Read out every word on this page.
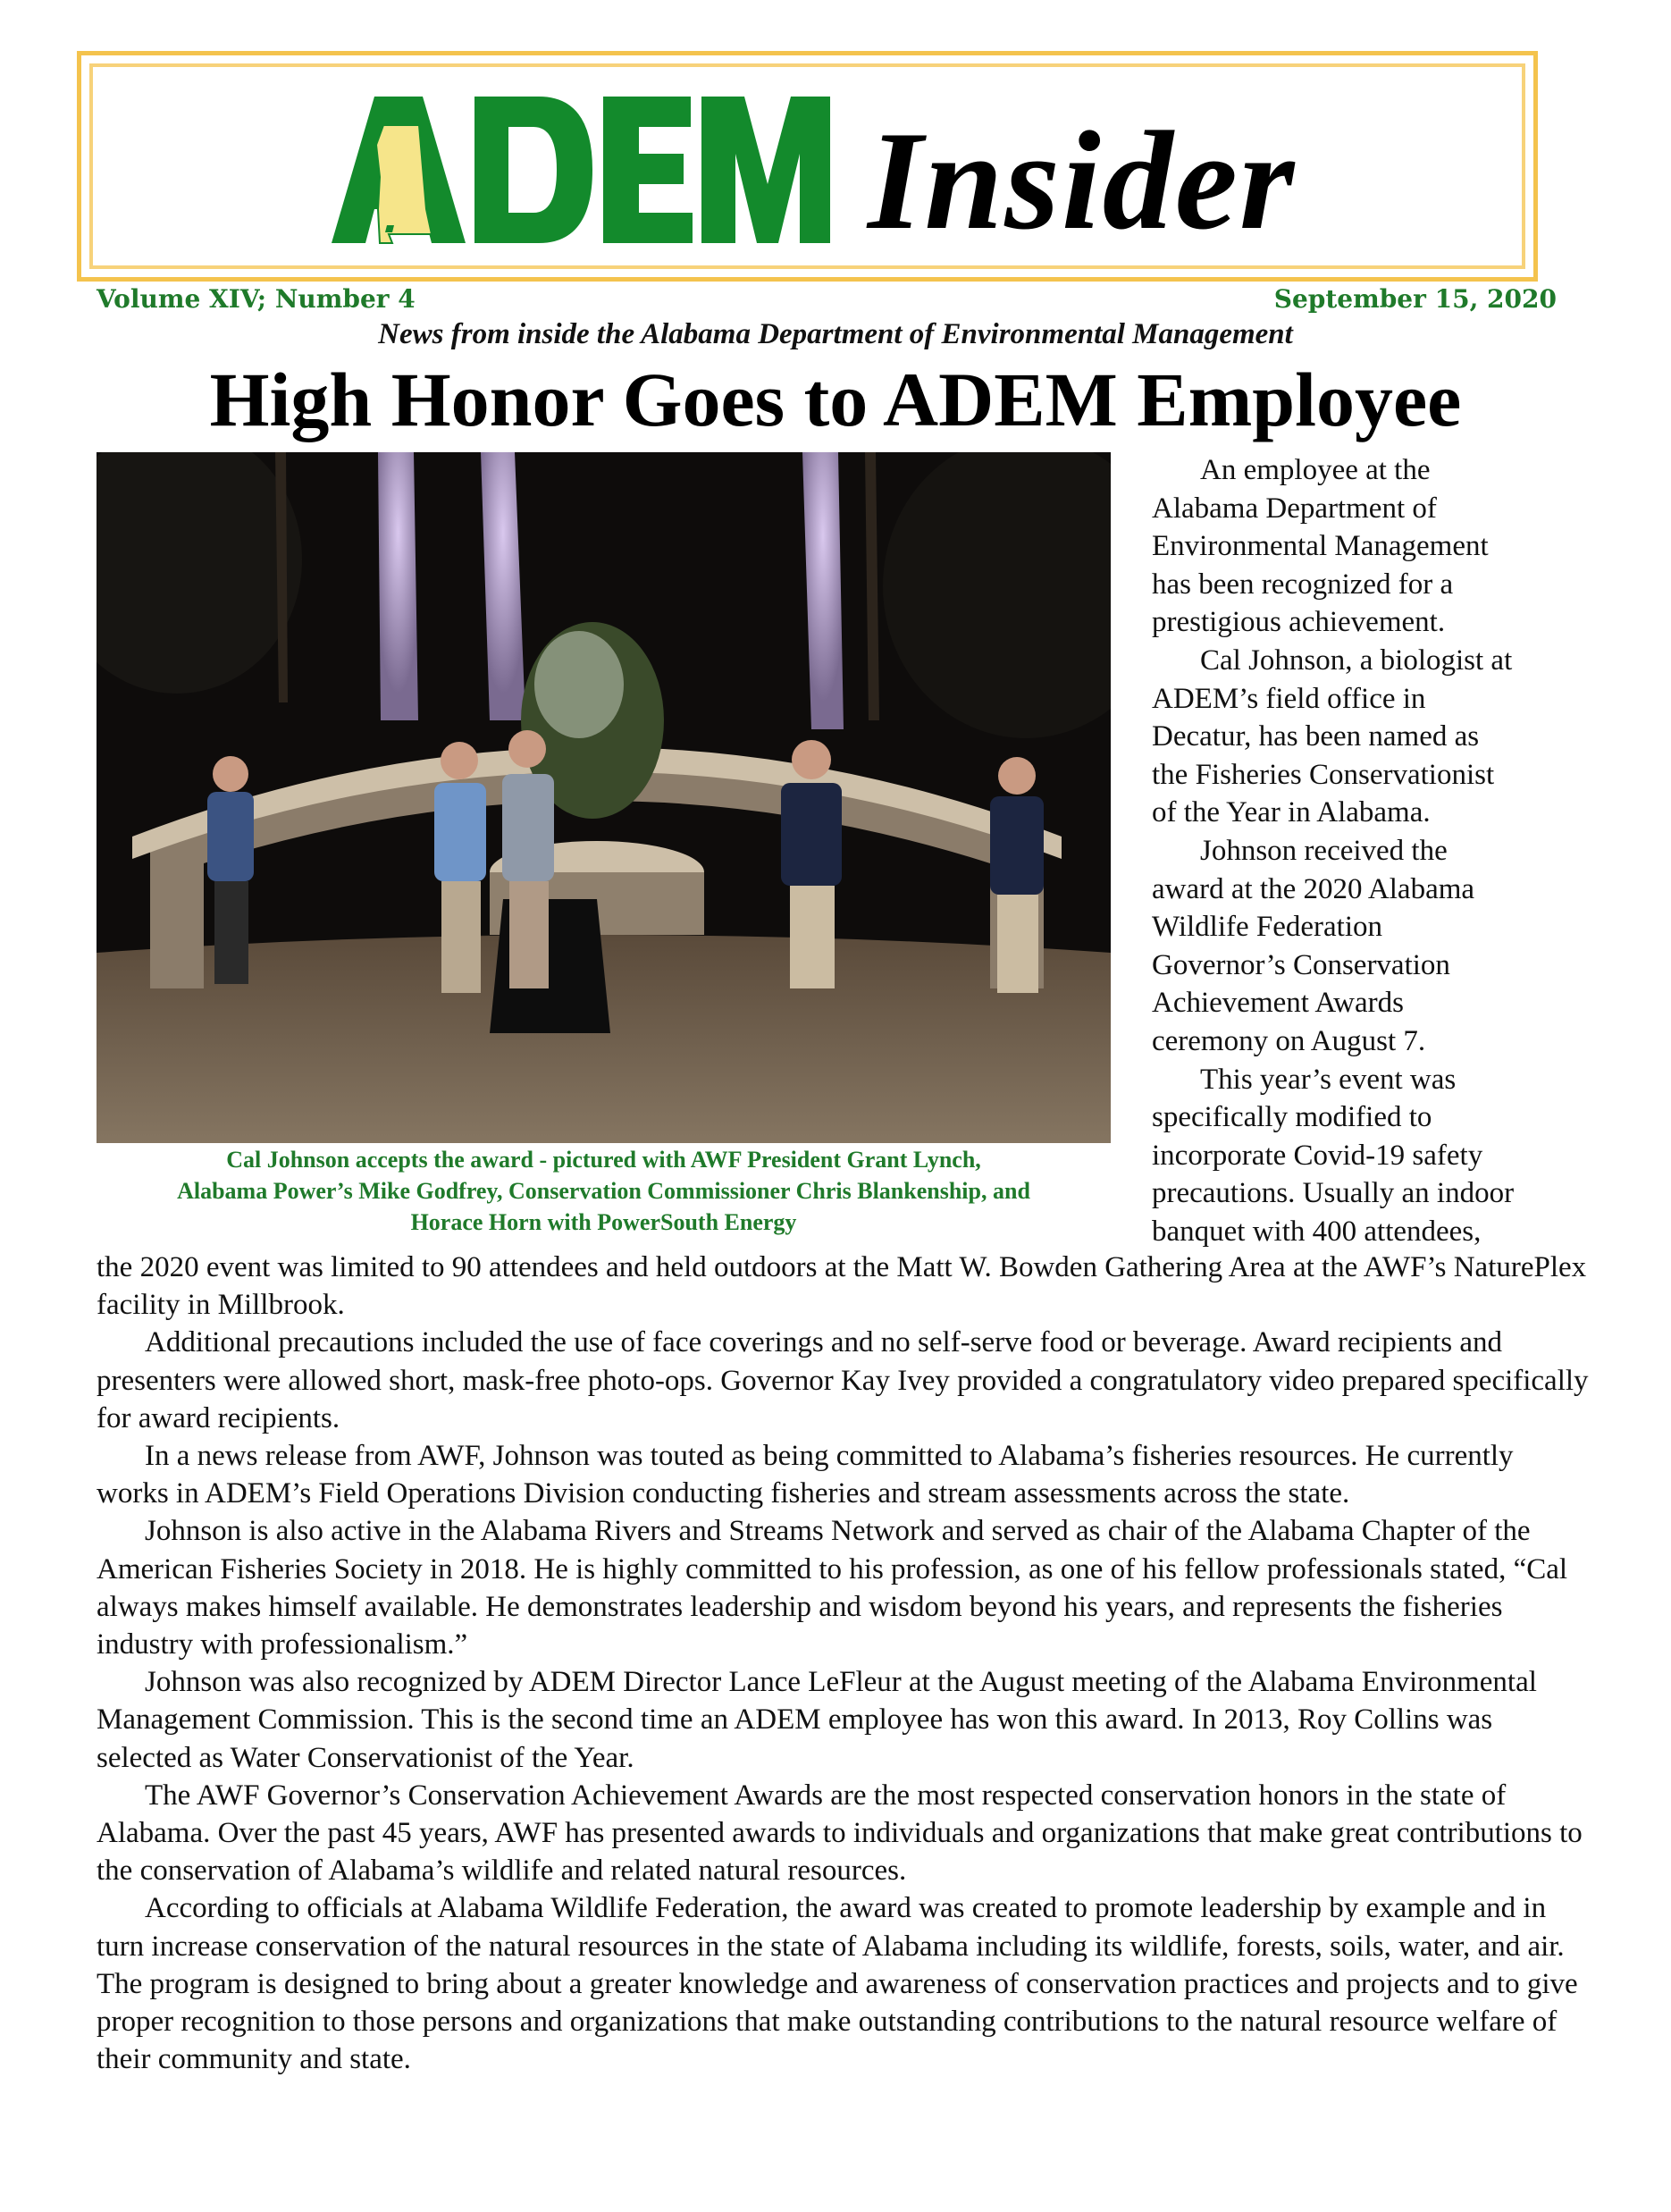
Insider
Volume XIV; Number 4	September 15, 2020
News from inside the Alabama Department of Environmental Management
High Honor Goes to ADEM Employee
Cal Johnson accepts the award - pictured with AWF President Grant Lynch,
Alabama Power’s Mike Godfrey, Conservation Commissioner Chris Blankenship, and
Horace Horn with PowerSouth Energy

An employee at the

Alabama Department of

Environmental Management

has been recognized for a

prestigious achievement.

Cal Johnson, a biologist at

ADEM’s field office in

Decatur, has been named as

the Fisheries Conservationist

of the Year in Alabama.

Johnson received the

award at the 2020 Alabama

Wildlife Federation

Governor’s Conservation

Achievement Awards

ceremony on August 7.

This year’s event was

specifically modified to

incorporate Covid-19 safety

precautions. Usually an indoor

banquet with 400 attendees,

the 2020 event was limited to 90 attendees and held outdoors at the Matt W. Bowden Gathering Area at the AWF’s NaturePlex facility in Millbrook.

Additional precautions included the use of face coverings and no self-serve food or beverage. Award recipients and presenters were allowed short, mask-free photo-ops. Governor Kay Ivey provided a congratulatory video prepared specifically for award recipients.

In a news release from AWF, Johnson was touted as being committed to Alabama’s fisheries resources. He currently works in ADEM’s Field Operations Division conducting fisheries and stream assessments across the state.

Johnson is also active in the Alabama Rivers and Streams Network and served as chair of the Alabama Chapter of the American Fisheries Society in 2018. He is highly committed to his profession, as one of his fellow professionals stated, “Cal always makes himself available. He demonstrates leadership and wisdom beyond his years, and represents the fisheries industry with professionalism.”

Johnson was also recognized by ADEM Director Lance LeFleur at the August meeting of the Alabama Environmental Management Commission. This is the second time an ADEM employee has won this award. In 2013, Roy Collins was selected as Water Conservationist of the Year.

The AWF Governor’s Conservation Achievement Awards are the most respected conservation honors in the state of Alabama. Over the past 45 years, AWF has presented awards to individuals and organizations that make great contributions to the conservation of Alabama’s wildlife and related natural resources.

According to officials at Alabama Wildlife Federation, the award was created to promote leadership by example and in turn increase conservation of the natural resources in the state of Alabama including its wildlife, forests, soils, water, and air. The program is designed to bring about a greater knowledge and awareness of conservation practices and projects and to give proper recognition to those persons and organizations that make outstanding contributions to the natural resource welfare of their community and state.
